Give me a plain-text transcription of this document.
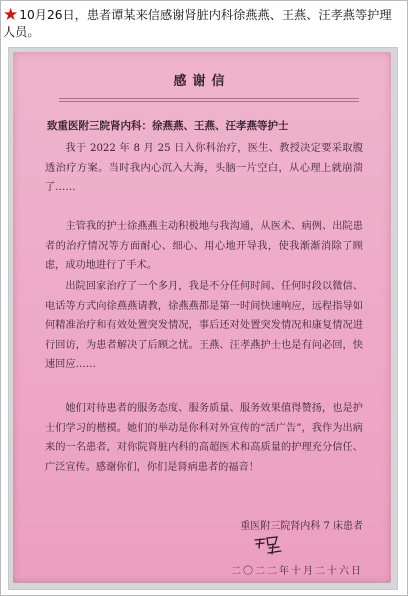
★10月26日，患者谭某来信感谢肾脏内科徐燕燕、王燕、汪孝燕等护理人员。
感谢信
致重医附三院肾内科：徐燕燕、王燕、汪孝燕等护士
我于 2022 年 8 月 25 日入你科治疗，医生、教授决定要采取腹透治疗方案。当时我内心沉入大海，头脑一片空白，从心理上就崩溃了……
主管我的护士徐燕燕主动积极地与我沟通，从医术、病例、出院患者的治疗情况等方面耐心、细心、用心地开导我，使我渐渐消除了顾虑，成功地进行了手术。
出院回家治疗了一个多月，我是不分任何时间、任何时段以微信、电话等方式向徐燕燕请教，徐燕燕都是第一时间快速响应，远程指导如何精准治疗和有效处置突发情况，事后还对处置突发情况和康复情况进行回访，为患者解决了后顾之忧。王燕、汪孝燕护士也是有问必回，快速回应……
她们对待患者的服务态度、服务质量、服务效果值得赞扬，也是护士们学习的楷模。她们的举动是你科对外宣传的“活广告”，我作为出病来的一名患者，对你院肾脏内科的高超医术和高质量的护理充分信任、广泛宣传。感谢你们，你们是肾病患者的福音！
重医附三院肾内科 7 床患者
二〇二二年十月二十六日
